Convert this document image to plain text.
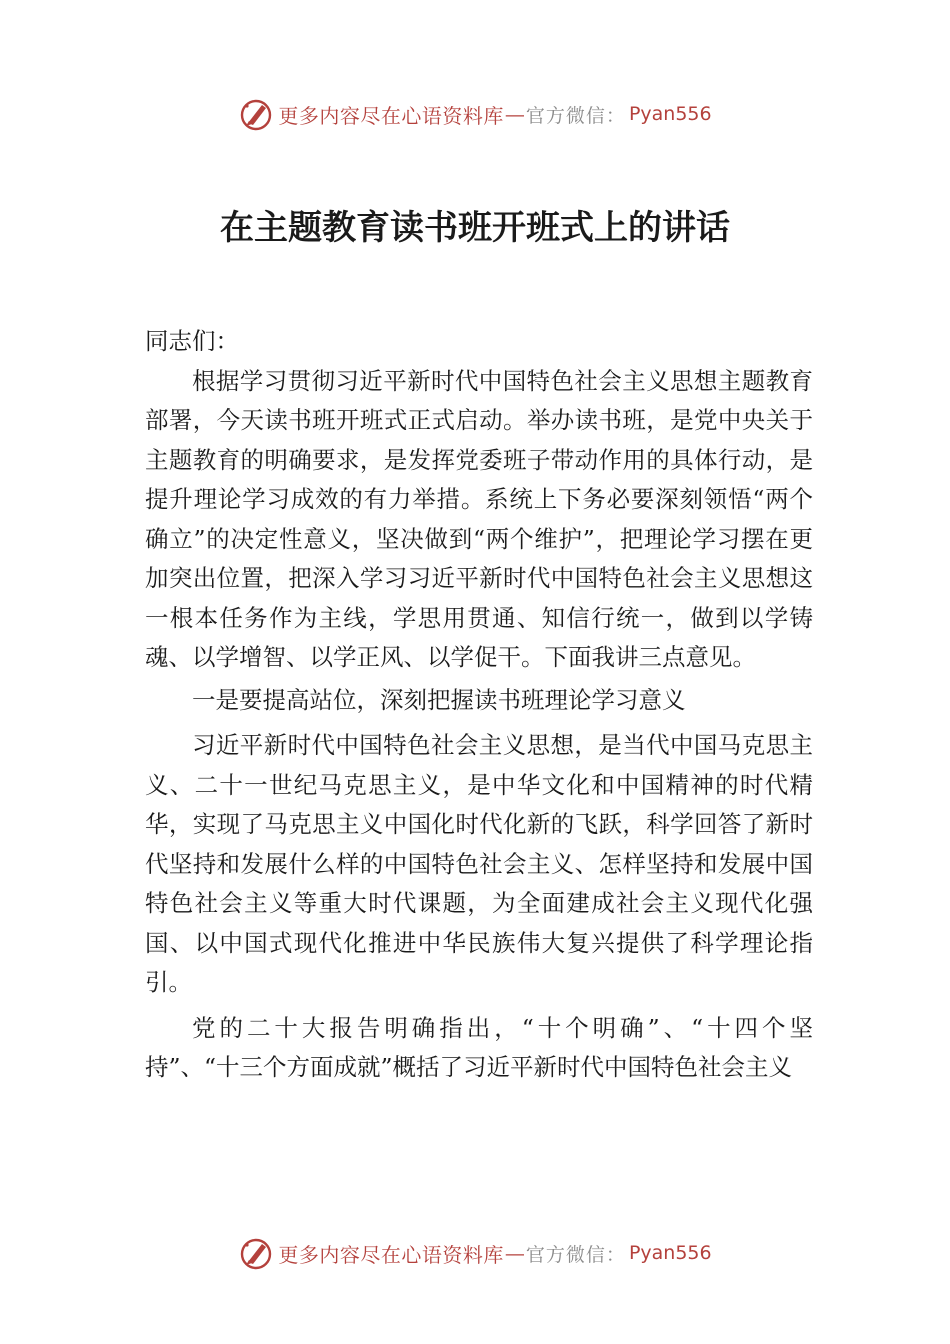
更多内容尽在心语资料库 — 官方微信 ： Pyan556
在主题教育读书班开班式上的讲话

同志们：

根据学习贯彻习近平新时代中国特色社会主义思想主题教育部署，今天读书班开班式正式启动。举办读书班，是党中央关于主题教育的明确要求，是发挥党委班子带动作用的具体行动，是提升理论学习成效的有力举措。系统上下务必要深刻领悟“两个确立”的决定性意义，坚决做到“两个维护”，把理论学习摆在更加突出位置，把深入学习习近平新时代中国特色社会主义思想这一根本任务作为主线，学思用贯通、知信行统一，做到以学铸魂、以学增智、以学正风、以学促干。下面我讲三点意见。

一是要提高站位，深刻把握读书班理论学习意义

习近平新时代中国特色社会主义思想，是当代中国马克思主义、二十一世纪马克思主义，是中华文化和中国精神的时代精华，实现了马克思主义中国化时代化新的飞跃，科学回答了新时代坚持和发展什么样的中国特色社会主义、怎样坚持和发展中国特色社会主义等重大时代课题，为全面建成社会主义现代化强国、以中国式现代化推进中华民族伟大复兴提供了科学理论指引。

党的二十大报告明确指出，“十个明确”、“十四个坚持”、“十三个方面成就”概括了习近平新时代中国特色社会主义

更多内容尽在心语资料库 — 官方微信 ： Pyan556
